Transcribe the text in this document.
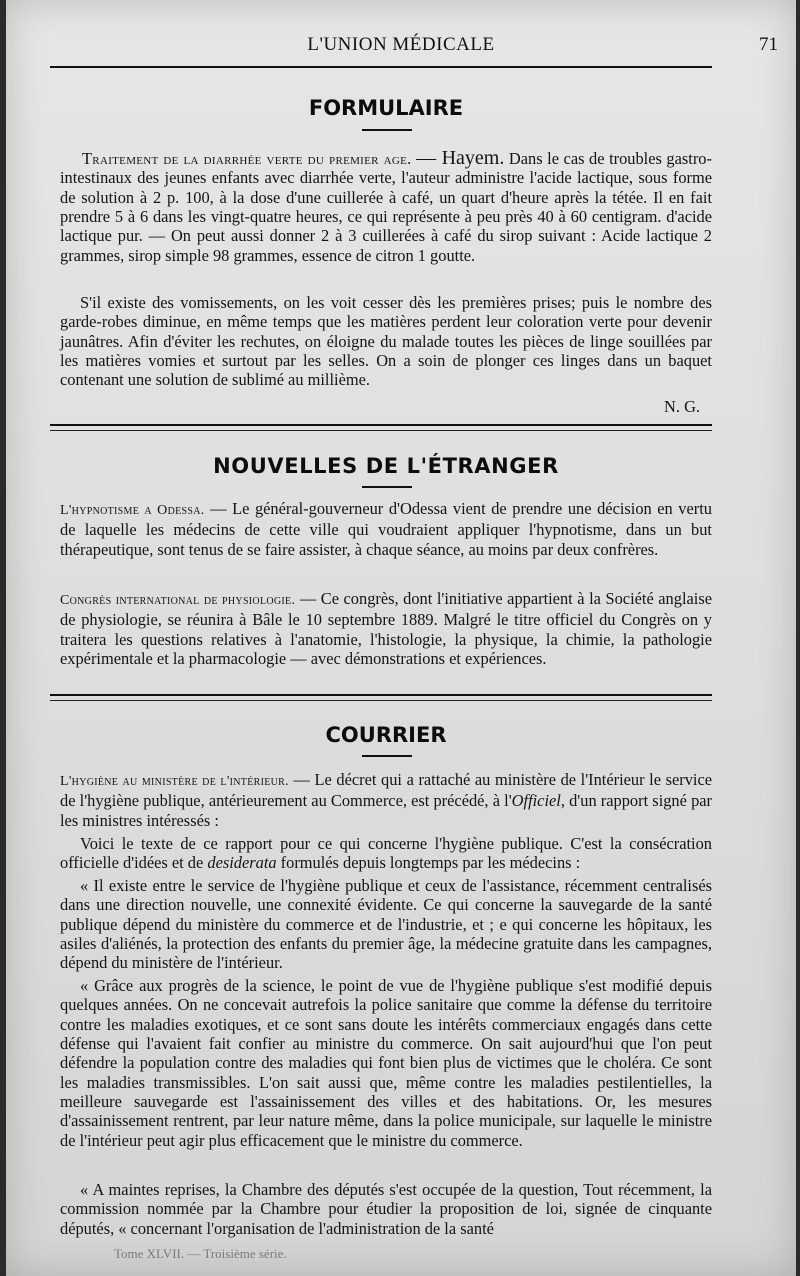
L'UNION MÉDICALE	71
FORMULAIRE
Traitement de la diarrhée verte du premier age. — Hayem. Dans le cas de troubles gastro-intestinaux des jeunes enfants avec diarrhée verte, l'auteur administre l'acide lactique, sous forme de solution à 2 p. 100, à la dose d'une cuillerée à café, un quart d'heure après la tétée. Il en fait prendre 5 à 6 dans les vingt-quatre heures, ce qui représente à peu près 40 à 60 centigram. d'acide lactique pur. — On peut aussi donner 2 à 3 cuillerées à café du sirop suivant : Acide lactique 2 grammes, sirop simple 98 grammes, essence de citron 1 goutte.

S'il existe des vomissements, on les voit cesser dès les premières prises; puis le nombre des garde-robes diminue, en même temps que les matières perdent leur coloration verte pour devenir jaunâtres. Afin d'éviter les rechutes, on éloigne du malade toutes les pièces de linge souillées par les matières vomies et surtout par les selles. On a soin de plonger ces linges dans un baquet contenant une solution de sublimé au millième.

N. G.
NOUVELLES DE L'ÉTRANGER

L'hypnotisme a Odessa. — Le général-gouverneur d'Odessa vient de prendre une décision en vertu de laquelle les médecins de cette ville qui voudraient appliquer l'hypnotisme, dans un but thérapeutique, sont tenus de se faire assister, à chaque séance, au moins par deux confrères.

Congrès international de physiologie. — Ce congrès, dont l'initiative appartient à la Société anglaise de physiologie, se réunira à Bâle le 10 septembre 1889. Malgré le titre officiel du Congrès on y traitera les questions relatives à l'anatomie, l'histologie, la physique, la chimie, la pathologie expérimentale et la pharmacologie — avec démonstrations et expériences.

COURRIER

L'hygiène au ministère de l'intérieur. — Le décret qui a rattaché au ministère de l'Intérieur le service de l'hygiène publique, antérieurement au Commerce, est précédé, à l'Officiel, d'un rapport signé par les ministres intéressés :

Voici le texte de ce rapport pour ce qui concerne l'hygiène publique. C'est la consécration officielle d'idées et de desiderata formulés depuis longtemps par les médecins :

« Il existe entre le service de l'hygiène publique et ceux de l'assistance, récemment centralisés dans une direction nouvelle, une connexité évidente. Ce qui concerne la sauvegarde de la santé publique dépend du ministère du commerce et de l'industrie, et ; e qui concerne les hôpitaux, les asiles d'aliénés, la protection des enfants du premier âge, la médecine gratuite dans les campagnes, dépend du ministère de l'intérieur.

« Grâce aux progrès de la science, le point de vue de l'hygiène publique s'est modifié depuis quelques années. On ne concevait autrefois la police sanitaire que comme la défense du territoire contre les maladies exotiques, et ce sont sans doute les intérêts commerciaux engagés dans cette défense qui l'avaient fait confier au ministre du commerce. On sait aujourd'hui que l'on peut défendre la population contre des maladies qui font bien plus de victimes que le choléra. Ce sont les maladies transmissibles. L'on sait aussi que, même contre les maladies pestilentielles, la meilleure sauvegarde est l'assainissement des villes et des habitations. Or, les mesures d'assainissement rentrent, par leur nature même, dans la police municipale, sur laquelle le ministre de l'intérieur peut agir plus efficacement que le ministre du commerce.

« A maintes reprises, la Chambre des députés s'est occupée de la question, Tout récemment, la commission nommée par la Chambre pour étudier la proposition de loi, signée de cinquante députés, « concernant l'organisation de l'administration de la santé

Tome XLVII. — Troisième série.
